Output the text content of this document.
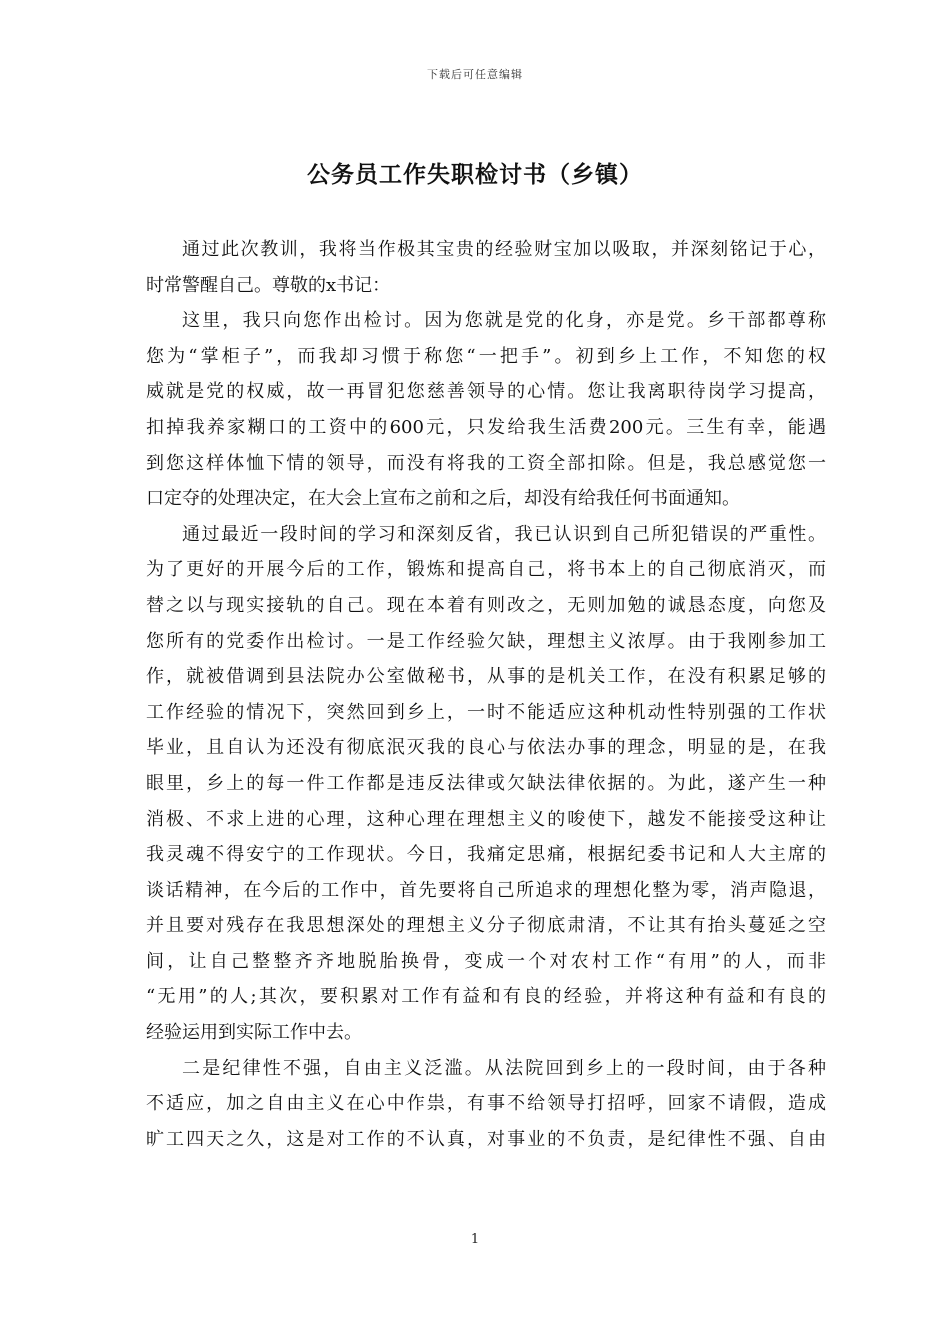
下载后可任意编辑
公务员工作失职检讨书（乡镇）

通过此次教训，我将当作极其宝贵的经验财宝加以吸取，并深刻铭记于心，
时常警醒自己。尊敬的x书记：

这里，我只向您作出检讨。因为您就是党的化身，亦是党。乡干部都尊称
您为“掌柜子”，而我却习惯于称您“一把手”。初到乡上工作，不知您的权
威就是党的权威，故一再冒犯您慈善领导的心情。您让我离职待岗学习提高，
扣掉我养家糊口的工资中的600元，只发给我生活费200元。三生有幸，能遇
到您这样体恤下情的领导，而没有将我的工资全部扣除。但是，我总感觉您一
口定夺的处理决定，在大会上宣布之前和之后，却没有给我任何书面通知。

通过最近一段时间的学习和深刻反省，我已认识到自己所犯错误的严重性。
为了更好的开展今后的工作，锻炼和提高自己，将书本上的自己彻底消灭，而
替之以与现实接轨的自己。现在本着有则改之，无则加勉的诚恳态度，向您及
您所有的党委作出检讨。一是工作经验欠缺，理想主义浓厚。由于我刚参加工
作，就被借调到县法院办公室做秘书，从事的是机关工作，在没有积累足够的
工作经验的情况下，突然回到乡上，一时不能适应这种机动性特别强的工作状
毕业，且自认为还没有彻底泯灭我的良心与依法办事的理念，明显的是，在我
眼里，乡上的每一件工作都是违反法律或欠缺法律依据的。为此，遂产生一种
消极、不求上进的心理，这种心理在理想主义的唆使下，越发不能接受这种让
我灵魂不得安宁的工作现状。今日，我痛定思痛，根据纪委书记和人大主席的
谈话精神，在今后的工作中，首先要将自己所追求的理想化整为零，消声隐退，
并且要对残存在我思想深处的理想主义分子彻底肃清，不让其有抬头蔓延之空
间，让自己整整齐齐地脱胎换骨，变成一个对农村工作“有用”的人，而非
“无用”的人;其次，要积累对工作有益和有良的经验，并将这种有益和有良的
经验运用到实际工作中去。

二是纪律性不强，自由主义泛滥。从法院回到乡上的一段时间，由于各种
不适应，加之自由主义在心中作祟，有事不给领导打招呼，回家不请假，造成
旷工四天之久，这是对工作的不认真，对事业的不负责，是纪律性不强、自由

1
